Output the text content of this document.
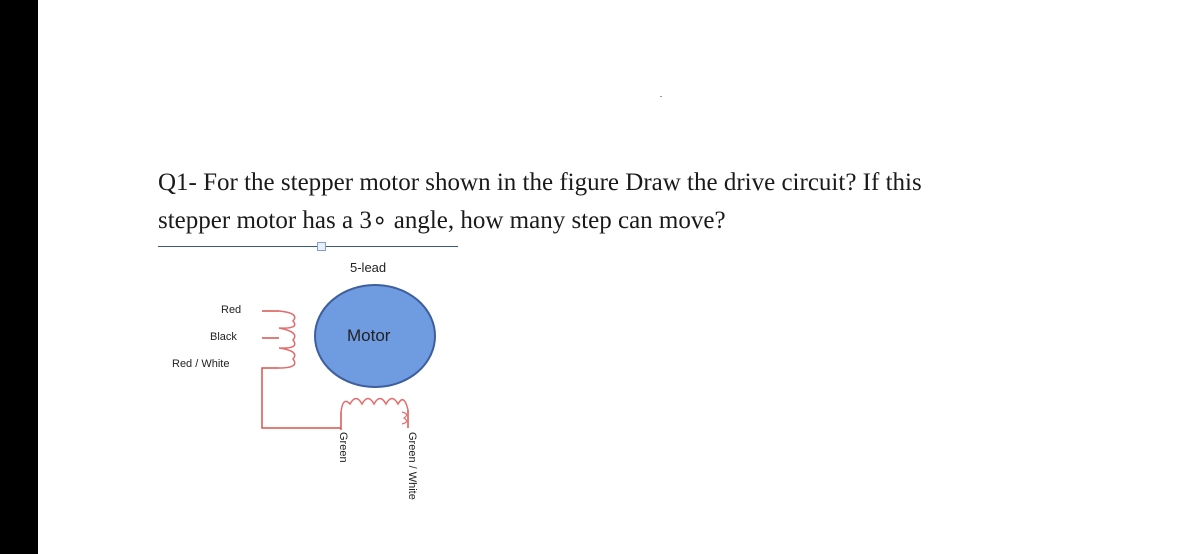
Q1- For the stepper motor shown in the figure Draw the drive circuit? If this
stepper motor has a 3∘ angle, how many step can move?
5-lead
Motor
Red
Black
Red / White
Green	Green / White
